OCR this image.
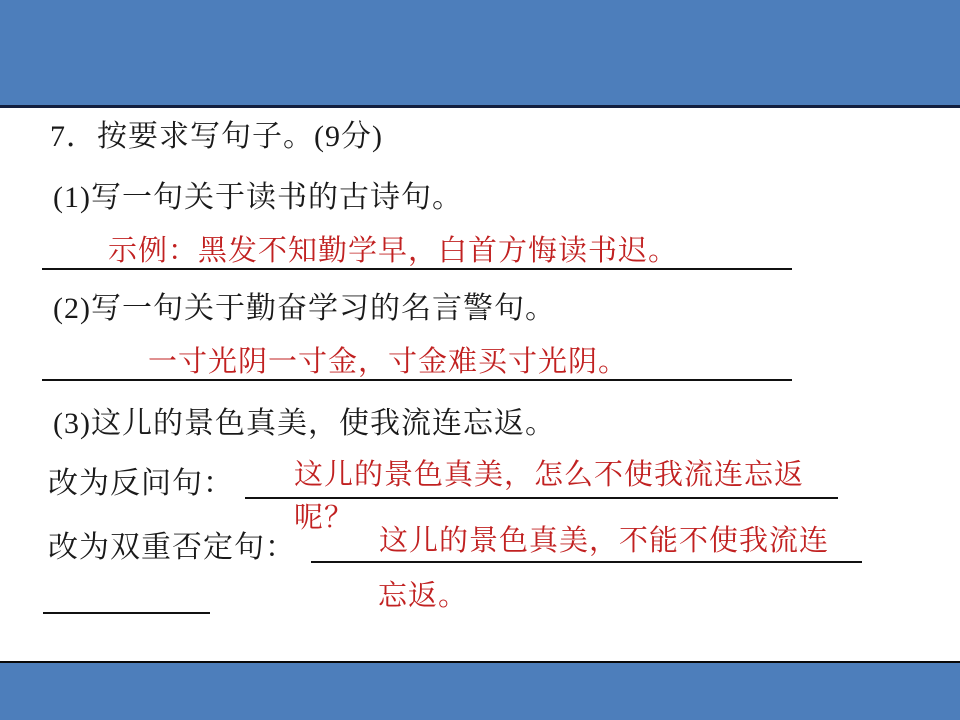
7．按要求写句子。(9分)
(1)写一句关于读书的古诗句。
示例：黑发不知勤学早，白首方悔读书迟。
(2)写一句关于勤奋学习的名言警句。
一寸光阴一寸金，寸金难买寸光阴。
(3)这儿的景色真美，使我流连忘返。
改为反问句： 这儿的景色真美，怎么不使我流连忘返
呢？
改为双重否定句：	这儿的景色真美，不能不使我流连
忘返。
